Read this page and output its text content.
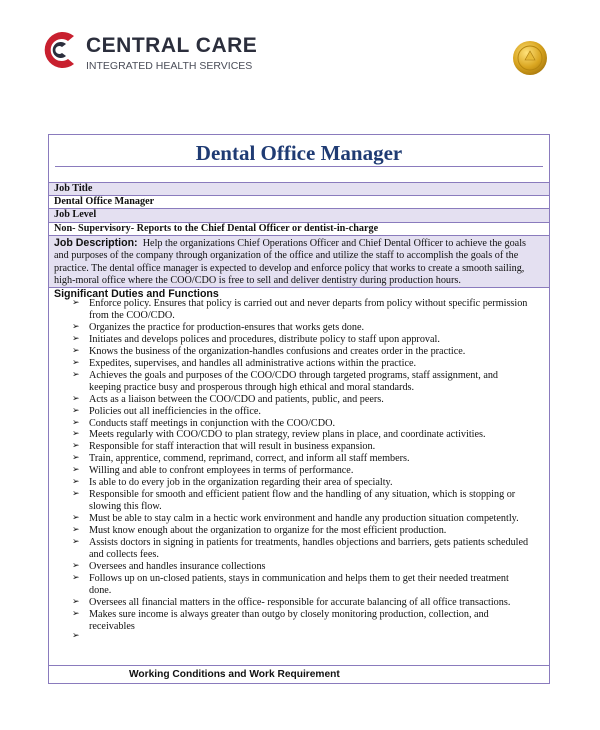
CENTRAL CARE

INTEGRATED HEALTH SERVICES

Dental Office Manager
Job Title
Dental Office Manager
Job Level
Non- Supervisory- Reports to the Chief Dental Officer or dentist-in-charge
Job Description: Help the organizations Chief Operations Officer and Chief Dental Officer to achieve the goals
and purposes of the company through organization of the office and utilize the staff to accomplish the goals of the
practice. The dental office manager is expected to develop and enforce policy that works to create a smooth sailing,
high-moral office where the COO/CDO is free to sell and deliver dentistry during production hours.

Significant Duties and Functions

➢ Enforce policy. Ensures that policy is carried out and never departs from policy without specific permission
from the COO/CDO.
➢ Organizes the practice for production-ensures that works gets done.
➢ Initiates and develops polices and procedures, distribute policy to staff upon approval.
➢ Knows the business of the organization-handles confusions and creates order in the practice.
➢ Expedites, supervises, and handles all administrative actions within the practice.
➢ Achieves the goals and purposes of the COO/CDO through targeted programs, staff assignment, and
keeping practice busy and prosperous through high ethical and moral standards.
➢ Acts as a liaison between the COO/CDO and patients, public, and peers.
➢ Policies out all inefficiencies in the office.
➢ Conducts staff meetings in conjunction with the COO/CDO.
➢ Meets regularly with COO/CDO to plan strategy, review plans in place, and coordinate activities.
➢ Responsible for staff interaction that will result in business expansion.
➢ Train, apprentice, commend, reprimand, correct, and inform all staff members.
➢ Willing and able to confront employees in terms of performance.
➢ Is able to do every job in the organization regarding their area of specialty.
➢ Responsible for smooth and efficient patient flow and the handling of any situation, which is stopping or
slowing this flow.
➢ Must be able to stay calm in a hectic work environment and handle any production situation competently.
➢ Must know enough about the organization to organize for the most efficient production.
➢ Assists doctors in signing in patients for treatments, handles objections and barriers, gets patients scheduled
and collects fees.
➢ Oversees and handles insurance collections
➢ Follows up on un-closed patients, stays in communication and helps them to get their needed treatment
done.
➢ Oversees all financial matters in the office- responsible for accurate balancing of all office transactions.
➢ Makes sure income is always greater than outgo by closely monitoring production, collection, and
receivables
➢

Working Conditions and Work Requirement
